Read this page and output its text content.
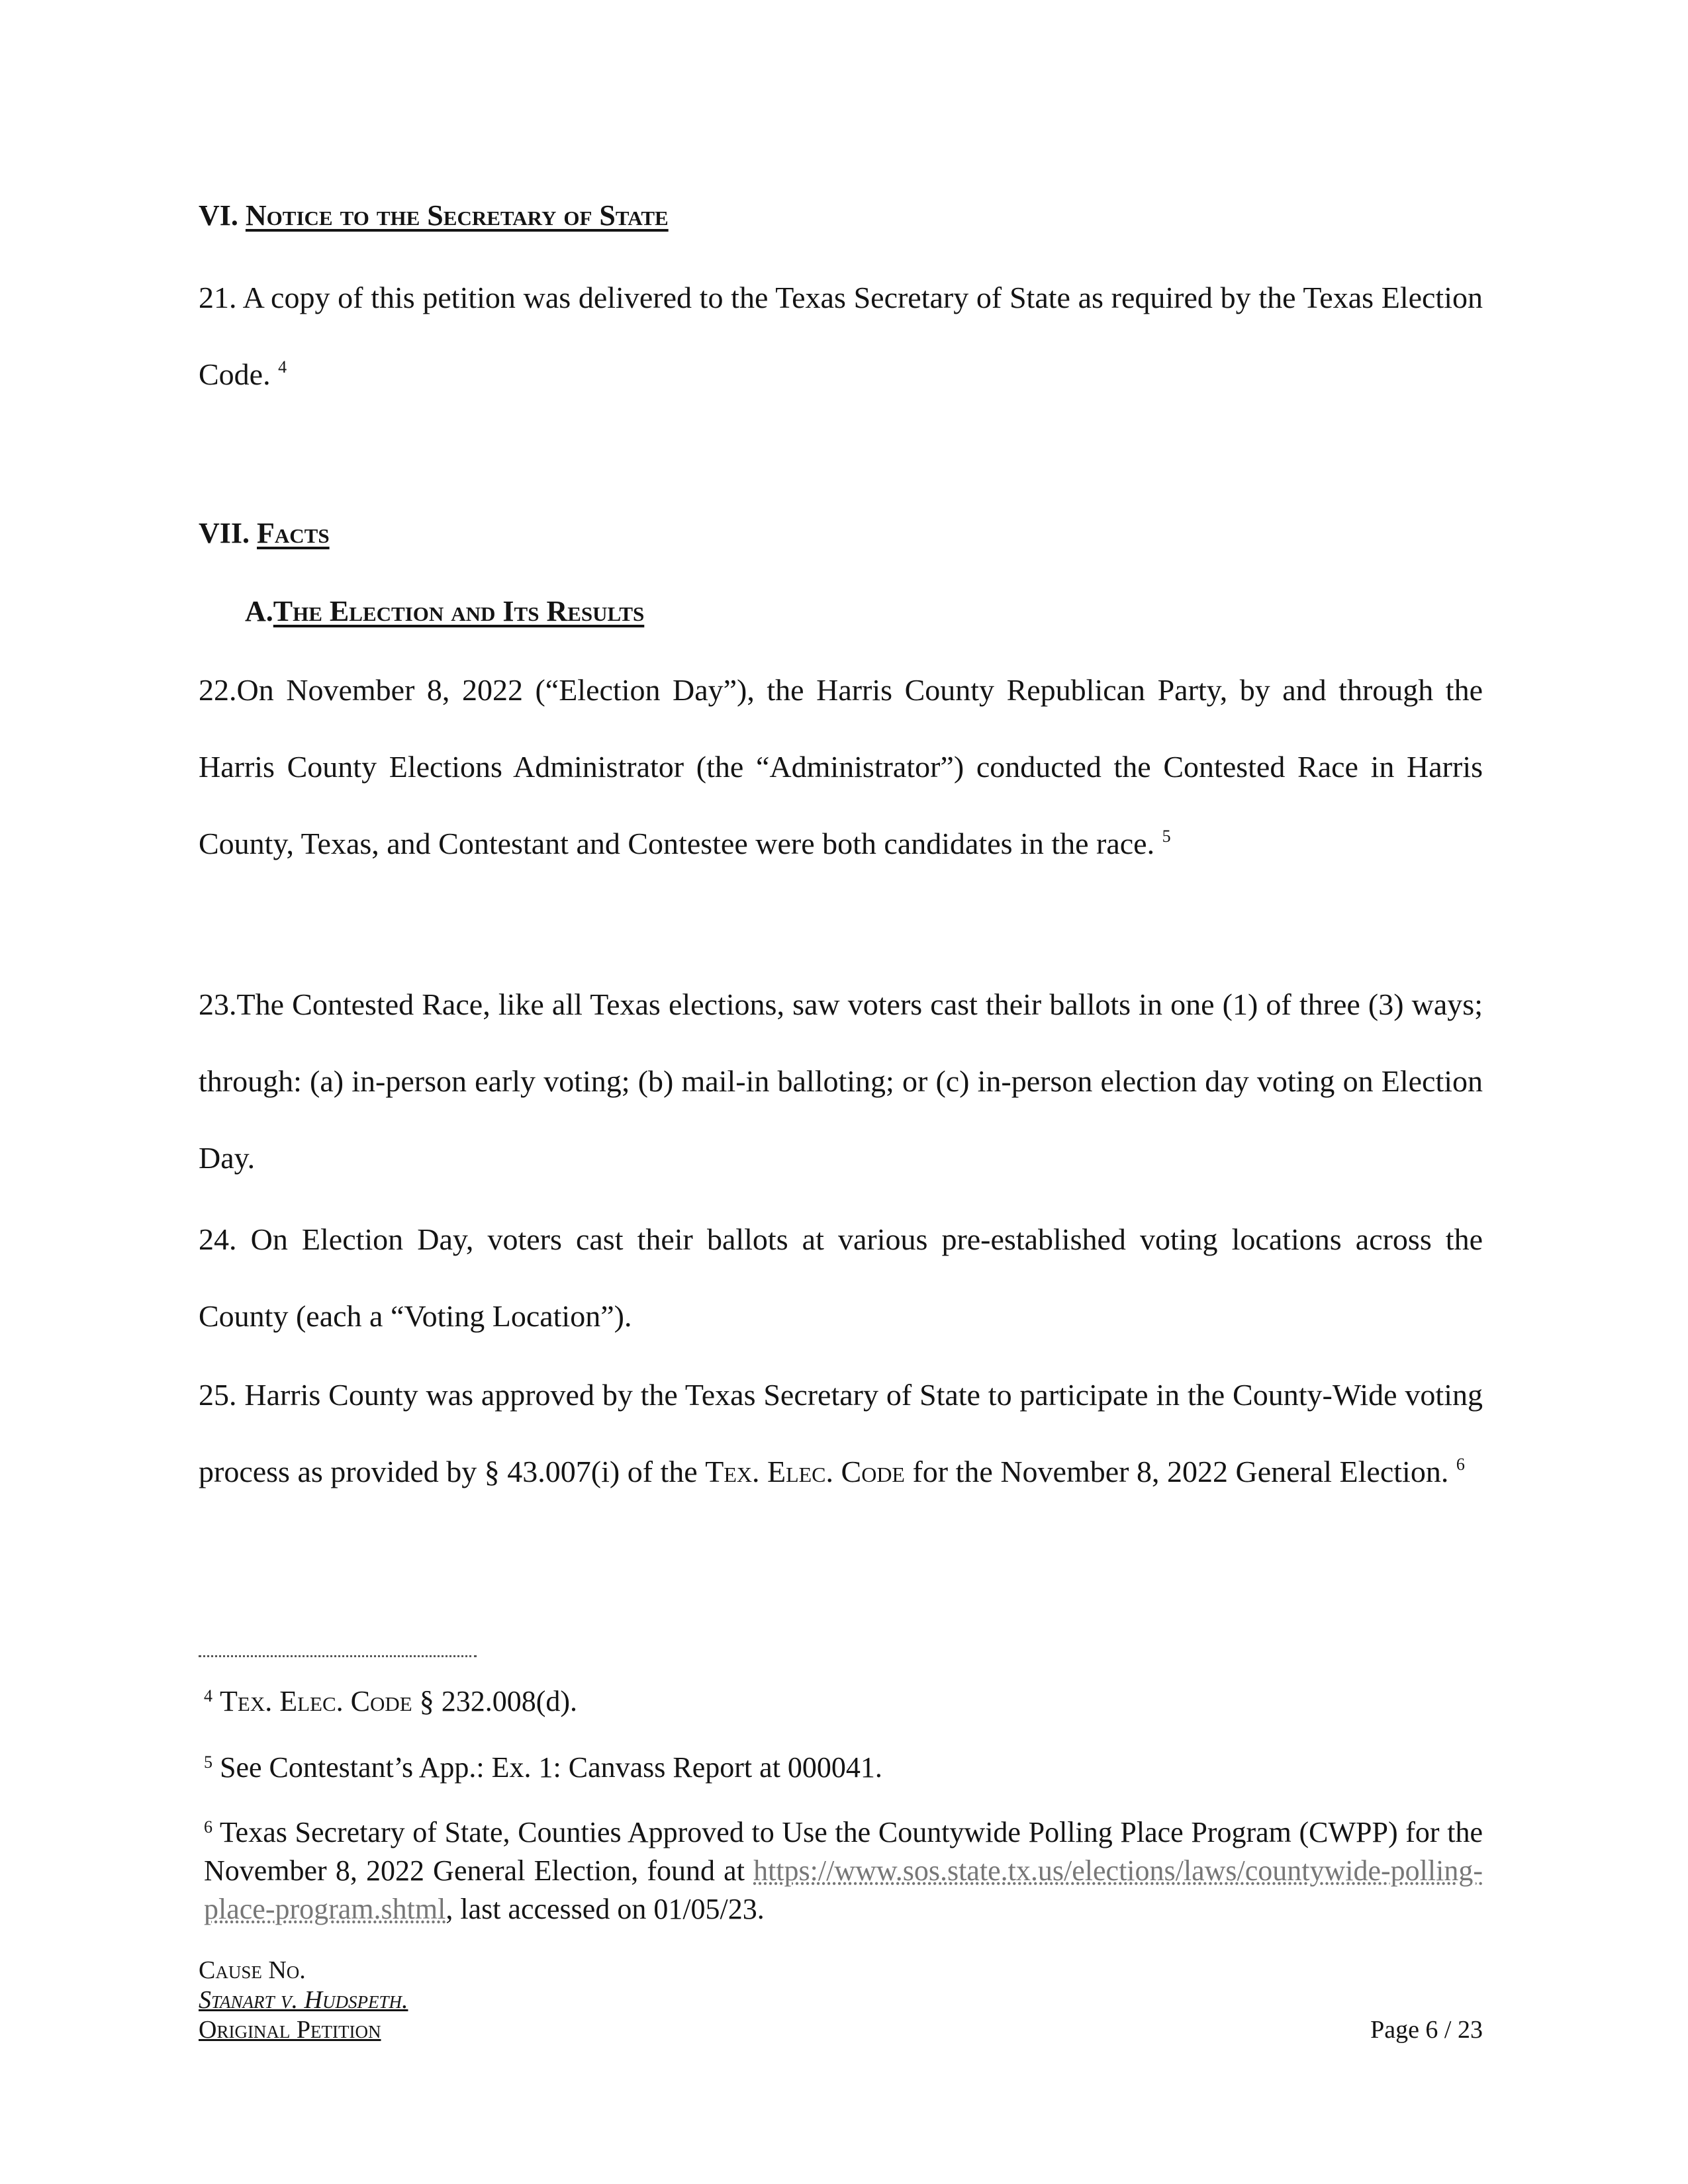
VI. Notice to the Secretary of State
21. A copy of this petition was delivered to the Texas Secretary of State as required by the Texas Election Code. $^4$
VII. Facts
A.The Election and Its Results
22.On November 8, 2022 (“Election Day”), the Harris County Republican Party, by and through the Harris County Elections Administrator (the “Administrator”) conducted the Contested Race in Harris County, Texas, and Contestant and Contestee were both candidates in the race. $^5$
23.The Contested Race, like all Texas elections, saw voters cast their ballots in one (1) of three (3) ways; through: (a) in-person early voting; (b) mail-in balloting; or (c) in-person election day voting on Election Day.
24. On Election Day, voters cast their ballots at various pre-established voting locations across the County (each a “Voting Location”).
25. Harris County was approved by the Texas Secretary of State to participate in the County-Wide voting process as provided by § 43.007(i) of the Tex. Elec. Code for the November 8, 2022 General Election. $^6$
$^4$ Tex. Elec. Code § 232.008(d).
$^5$ See Contestant’s App.: Ex. 1: Canvass Report at 000041.
$^6$ Texas Secretary of State, Counties Approved to Use the Countywide Polling Place Program (CWPP) for the November 8, 2022 General Election, found at https://www.sos.state.tx.us/elections/laws/countywide-polling-place-program.shtml, last accessed on 01/05/23.
Cause No.
Stanart v. Hudspeth.
Original Petition	Page 6 / 23
